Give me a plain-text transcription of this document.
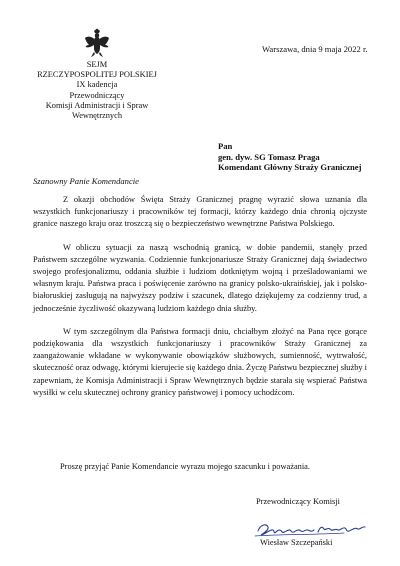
SEJM
RZECZYPOSPOLITEJ POLSKIEJ
IX kadencja
Przewodniczący
Komisji Administracji i Spraw
Wewnętrznych
Warszawa, dnia 9 maja 2022 r.
Pan
gen. dyw. SG Tomasz Praga
Komendant Główny Straży Granicznej
Szanowny Panie Komendancie

Z okazji obchodów Święta Straży Granicznej pragnę wyrazić słowa uznania dla wszystkich funkcjonariuszy i pracowników tej formacji, którzy każdego dnia chronią ojczyste granice naszego kraju oraz troszczą się o bezpieczeństwo wewnętrzne Państwa Polskiego.

W obliczu sytuacji za naszą wschodnią granicą, w dobie pandemii, stanęły przed Państwem szczególne wyzwania. Codziennie funkcjonariusze Straży Granicznej dają świadectwo swojego profesjonalizmu, oddania służbie i ludziom dotkniętym wojną i prześladowaniami we własnym kraju. Państwa praca i poświęcenie zarówno na granicy polsko-ukraińskiej, jak i polsko-białoruskiej zasługują na najwyższy podziw i szacunek, dlatego dziękujemy za codzienny trud, a jednocześnie życzliwość okazywaną ludziom każdego dnia służby.

W tym szczególnym dla Państwa formacji dniu, chciałbym złożyć na Pana ręce gorące podziękowania dla wszystkich funkcjonariuszy i pracowników Straży Granicznej za zaangażowanie wkładane w wykonywanie obowiązków służbowych, sumienność, wytrwałość, skuteczność oraz odwagę, którymi kierujecie się każdego dnia. Życzę Państwu bezpiecznej służby i zapewniam, że Komisja Administracji i Spraw Wewnętrznych będzie starała się wspierać Państwa wysiłki w celu skutecznej ochrony granicy państwowej i pomocy uchodźcom.

Proszę przyjąć Panie Komendancie wyrazu mojego szacunku i poważania.
Przewodniczący Komisji
Wiesław Szczepański
